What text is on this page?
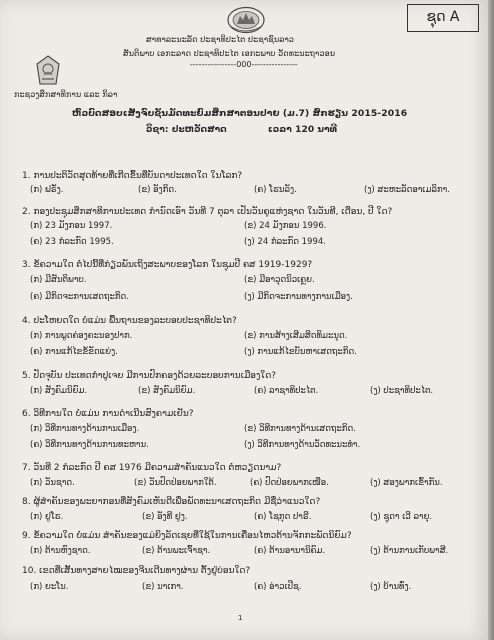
ຊຸດ A
ສາທາລະນະລັດ ປະຊາທິປະໄຕ ປະຊາຊົນລາວ
ສັນຕິພາບ ເອກະລາດ ປະຊາທິປະໄຕ ເອກະພາບ ວັດທະນະຖາວອນ
----------------000----------------
ກະຊວງສຶກສາທິການ ແລະ ກິລາ
ຫົວບົດສອບເສັງຈົບຊັ້ນມັດທະຍົມສຶກສາຕອນປາຍ (ມ.7) ສົກຮຽນ 2015-2016
ວິຊາ: ປະຫວັດສາດ	ເວລາ 120 ນາທີ
1. ການປະຕິວັດສຸດທ້າຍທີ່ເກີດຂຶ້ນທີ່ບັນດາປະເທດໃດ ໃນໂລກ?
(ກ) ຟຣັ່ງ.	(ຂ) ອັງກິດ.	(ຄ) ໂຮນລັງ.	(ງ) ສະຫະລັດອາເມລິກາ.
2. ກອງປະຊຸມສຶກສາທິການປະເທດ ກຳນົດເອົາ ວັນທີ 7 ຕຸລາ ເປັນວັນຄູແຫ່ງຊາດ ໃນວັນທີ, ເດືອນ, ປີ ໃດ?
(ກ) 23 ມັງກອນ 1997.	(ຂ) 24 ມັງກອນ 1996.
(ຄ) 23 ກໍລະກົດ 1995.	(ງ) 24 ກໍລະກົດ 1994.
3. ຂໍ້ຄວາມໃດ ຕໍ່ໄປນີ້ທີ່ກ່ຽວພັນເຖິງສະພາບຂອງໂລກ ໃນຊຸມປີ ຄສ 1919-1929?
(ກ) ມີສັນຕິພາບ.	(ຂ) ມີອາວຸດນິວເຄຼຍ.
(ຄ) ມີກິດຈະການເສດຖະກິດ.	(ງ) ມີກິດຈະການທາງການເມືອງ.
4. ປະໂຫຍດໃດ ບໍ່ແມ່ນ ພື້ນຖານຂອງລະບອບປະຊາທິປະໄຕ?
(ກ) ການພູດຄ່ອງຄະນອງປາກ.	(ຂ) ການສ້າງເສີມສິດທິມະນຸດ.
(ຄ) ການແກ້ໄຂຂໍ້ຂັດແຍ່ງ.	(ງ) ການແກ້ໄຂບັນຫາເສດຖະກິດ.
5. ປັດຈຸບັນ ປະເທດກຳປູເຈຍ ມີການປົກຄອງດ້ວຍລະບອບການເມືອງໃດ?
(ກ) ສັງຄົມນິຍົມ.	(ຂ) ສັງຄົມນິຍົມ.	(ຄ) ລາຊາທິປະໄຕ.	(ງ) ປະຊາທິປະໄຕ.
6. ວິທີການໃດ ບໍ່ແມ່ນ ການດຳເນີນສົງຄາມເຢັນ?
(ກ) ວິທີການທາງດ້ານການເມືອງ.	(ຂ) ວິທີການທາງດ້ານເສດຖະກິດ.
(ຄ) ວິທີການທາງດ້ານການທະຫານ.	(ງ) ວິທີການທາງດ້ານວັດທະນະທຳ.
7. ວັນທີ 2 ກໍລະກົດ ປີ ຄສ 1976 ມີຄວາມສຳຄັນແນວໃດ ຕໍ່ຫວຽດນາມ?
(ກ) ວັນຊາດ.	(ຂ) ວັນປົດປ່ອຍພາກໃຕ້.	(ຄ) ປົດປ່ອຍພາກເໜືອ.	(ງ) ສອງພາກເຂົ້າກັນ.
8. ຜູ້ສຳຄັນຂອງພະຍາກອນທີ່ສັງຄົມເຫັນດີເພື່ອພັດທະນາເສດຖະກິດ ມີຊື່ວ່າແນວໃດ?
(ກ) ຢູໂຮ.	(ຂ) ອັງທີ ຢູງ.	(ຄ) ໂຊກຸດ ປາຣີ.	(ງ) ຊູດາ ເວີ ລາຍຸ.
9. ຂໍ້ຄວາມໃດ ບໍ່ແມ່ນ ສຳຄັນຂອງແມ່ຍິງລັດເຊຍທີ່ໃຊ້ໃນການເຄື່ອນໄຫວຕ້ານຈັກກະພັດນິຍົມ?
(ກ) ຕ້ານຫົງຊາດ.	(ຂ) ຕ້ານພະເຈົ້າຊາ.	(ຄ) ຕ້ານອານານິຄົມ.	(ງ) ຕ້ານການເກັບພາສີ.
10. ເຂດທີ່ເສັ້ນທາງສາຍໄໝຂອງຈີນເດີນທາງຜ່ານ ຕັ້ງຢູ່ບ່ອນໃດ?
(ກ) ຍະໂນ.	(ຂ) ນາເກາ.	(ຄ) ອ່າວເປີຊ.	(ງ) ບ້ານທົ່ງ.
1
